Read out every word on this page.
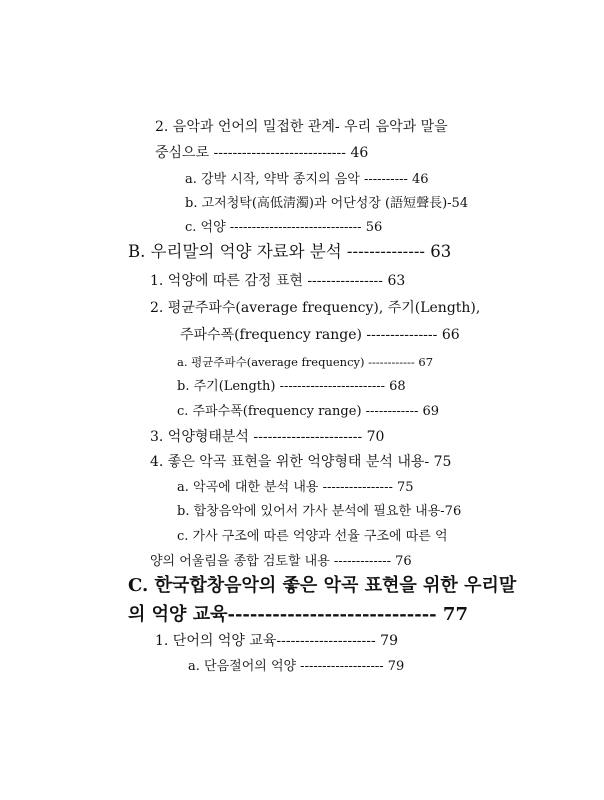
2. 음악과 언어의 밀접한 관계- 우리 음악과 말을
중심으로 ---------------------------- 46
a. 강박 시작, 약박 종지의 음악 ---------- 46
b. 고저청탁(高低淸濁)과 어단성장 (語短聲長)-54
c. 억양 ------------------------------ 56
B. 우리말의 억양 자료와 분석 -------------- 63
1. 억양에 따른 감정 표현 ---------------- 63
2. 평균주파수(average frequency), 주기(Length),
주파수폭(frequency range) --------------- 66
a. 평균주파수(average frequency) ------------ 67
b. 주기(Length) ------------------------ 68
c. 주파수폭(frequency range) ------------ 69
3. 억양형태분석 ----------------------- 70
4. 좋은 악곡 표현을 위한 억양형태 분석 내용- 75
a. 악곡에 대한 분석 내용 ---------------- 75
b. 합창음악에 있어서 가사 분석에 필요한 내용-76
c. 가사 구조에 따른 억양과 선율 구조에 따른 억
양의 어울림을 종합 검토할 내용 ------------- 76
C. 한국합창음악의 좋은 악곡 표현을 위한 우리말
의 억양 교육---------------------------- 77
1. 단어의 억양 교육--------------------- 79
a. 단음절어의 억양 ------------------- 79
